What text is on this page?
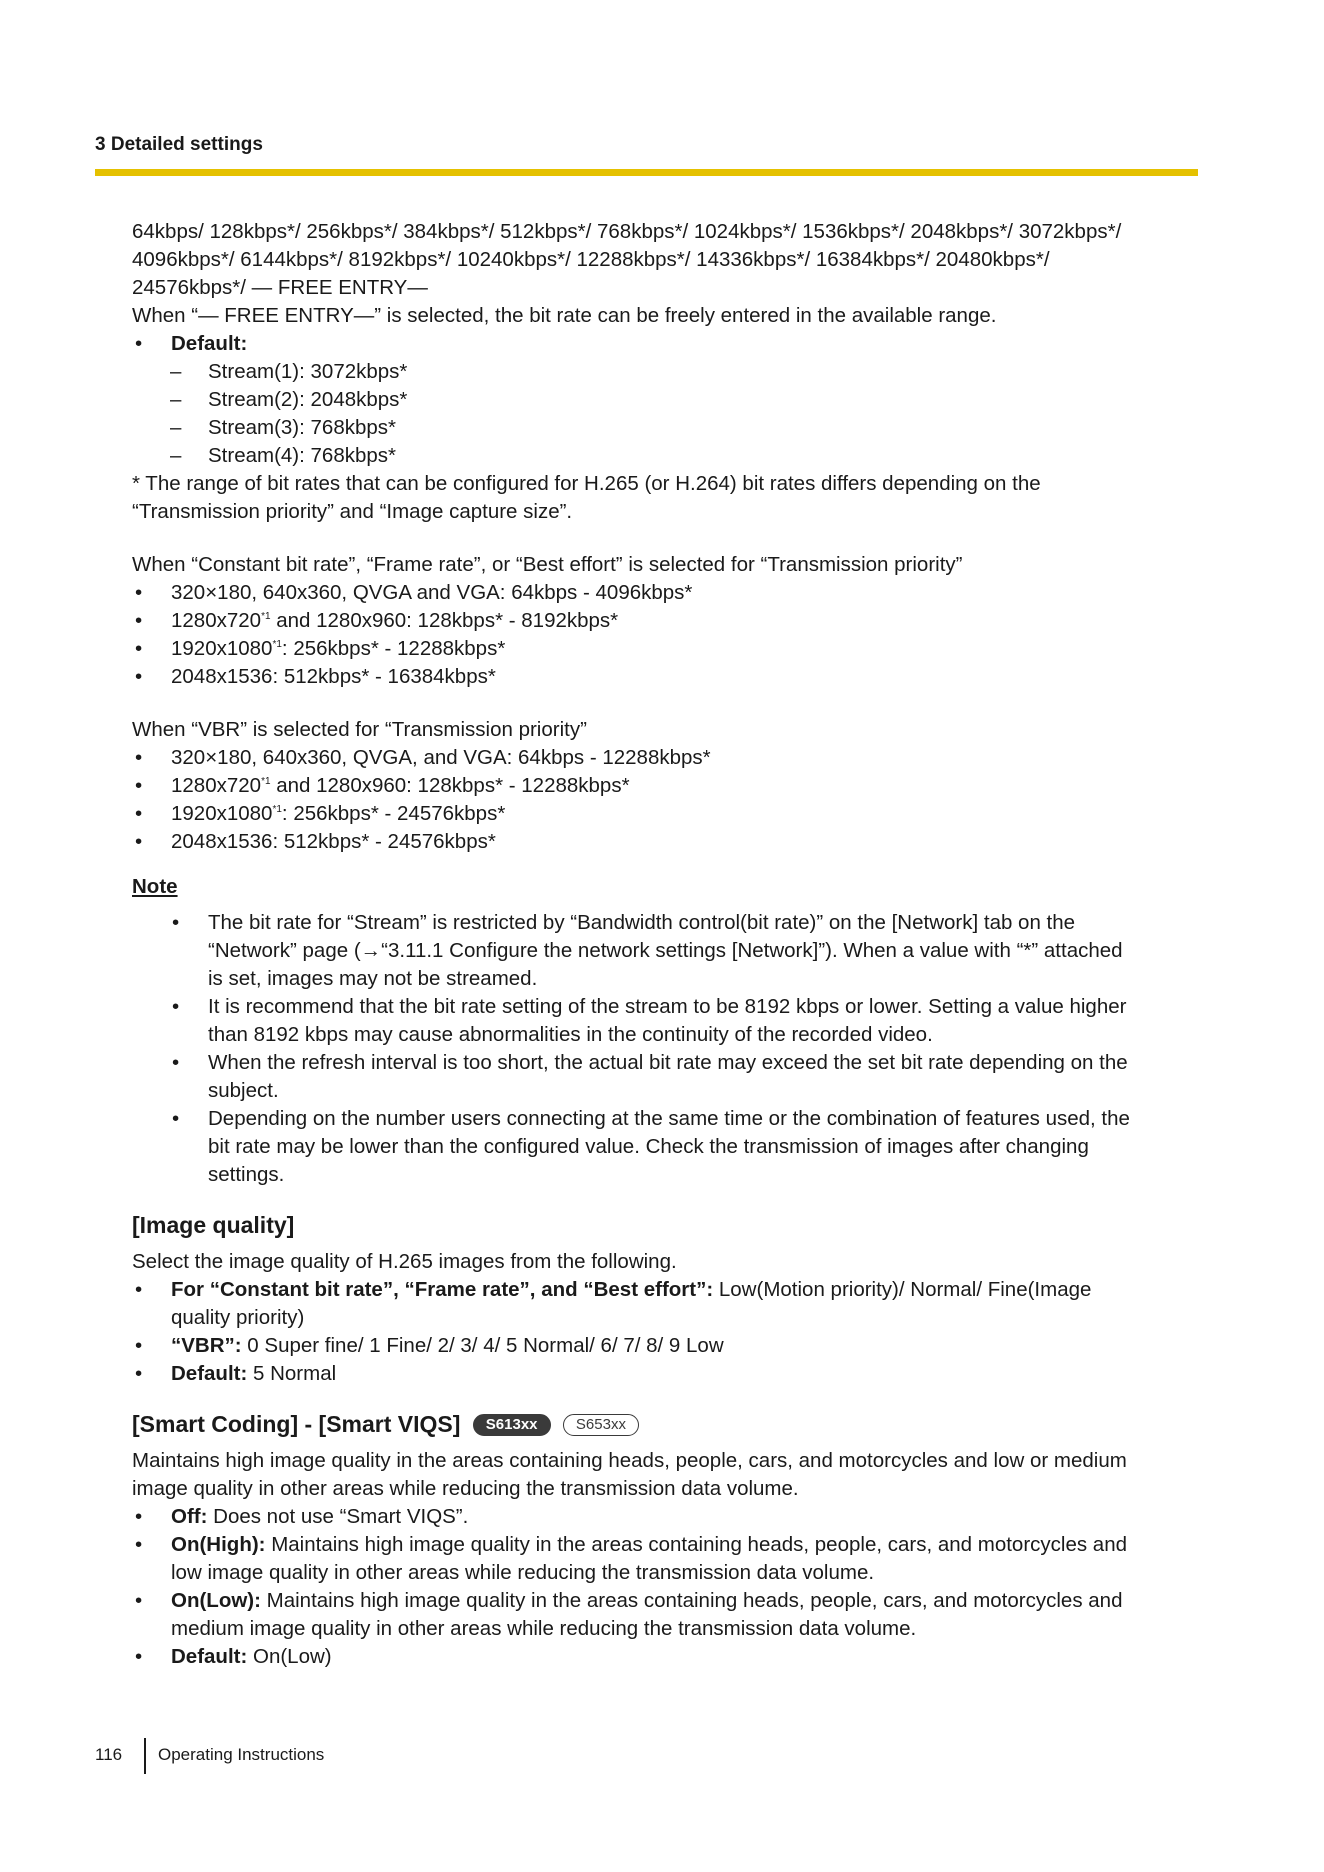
3 Detailed settings

64kbps/ 128kbps*/ 256kbps*/ 384kbps*/ 512kbps*/ 768kbps*/ 1024kbps*/ 1536kbps*/ 2048kbps*/ 3072kbps*/

4096kbps*/ 6144kbps*/ 8192kbps*/ 10240kbps*/ 12288kbps*/ 14336kbps*/ 16384kbps*/ 20480kbps*/

24576kbps*/ — FREE ENTRY—

When “— FREE ENTRY—” is selected, the bit rate can be freely entered in the available range.

• Default:
– Stream(1): 3072kbps*
– Stream(2): 2048kbps*
– Stream(3): 768kbps*
– Stream(4): 768kbps*

* The range of bit rates that can be configured for H.265 (or H.264) bit rates differs depending on the

“Transmission priority” and “Image capture size”.

When “Constant bit rate”, “Frame rate”, or “Best effort” is selected for “Transmission priority”

• 320×180, 640x360, QVGA and VGA: 64kbps - 4096kbps*
• 1280x720$^{*1}$ and 1280x960: 128kbps* - 8192kbps*
• 1920x1080$^{*1}$: 256kbps* - 12288kbps*
• 2048x1536: 512kbps* - 16384kbps*

When “VBR” is selected for “Transmission priority”

• 320×180, 640x360, QVGA, and VGA: 64kbps - 12288kbps*
• 1280x720$^{*1}$ and 1280x960: 128kbps* - 12288kbps*
• 1920x1080$^{*1}$: 256kbps* - 24576kbps*
• 2048x1536: 512kbps* - 24576kbps*

Note

• The bit rate for “Stream” is restricted by “Bandwidth control(bit rate)” on the [Network] tab on the
“Network” page (→“3.11.1 Configure the network settings [Network]”). When a value with “*” attached
is set, images may not be streamed.
• It is recommend that the bit rate setting of the stream to be 8192 kbps or lower. Setting a value higher
than 8192 kbps may cause abnormalities in the continuity of the recorded video.
• When the refresh interval is too short, the actual bit rate may exceed the set bit rate depending on the
subject.
• Depending on the number users connecting at the same time or the combination of features used, the
bit rate may be lower than the configured value. Check the transmission of images after changing
settings.
[Image quality]

Select the image quality of H.265 images from the following.

• For “Constant bit rate”, “Frame rate”, and “Best effort”: Low(Motion priority)/ Normal/ Fine(Image
quality priority)
• “VBR”: 0 Super fine/ 1 Fine/ 2/ 3/ 4/ 5 Normal/ 6/ 7/ 8/ 9 Low
• Default: 5 Normal
[Smart Coding] - [Smart VIQS] S613xx	S653xx

Maintains high image quality in the areas containing heads, people, cars, and motorcycles and low or medium

image quality in other areas while reducing the transmission data volume.

• Off: Does not use “Smart VIQS”.
• On(High): Maintains high image quality in the areas containing heads, people, cars, and motorcycles and
low image quality in other areas while reducing the transmission data volume.
• On(Low): Maintains high image quality in the areas containing heads, people, cars, and motorcycles and
medium image quality in other areas while reducing the transmission data volume.
• Default: On(Low)
116 Operating Instructions
